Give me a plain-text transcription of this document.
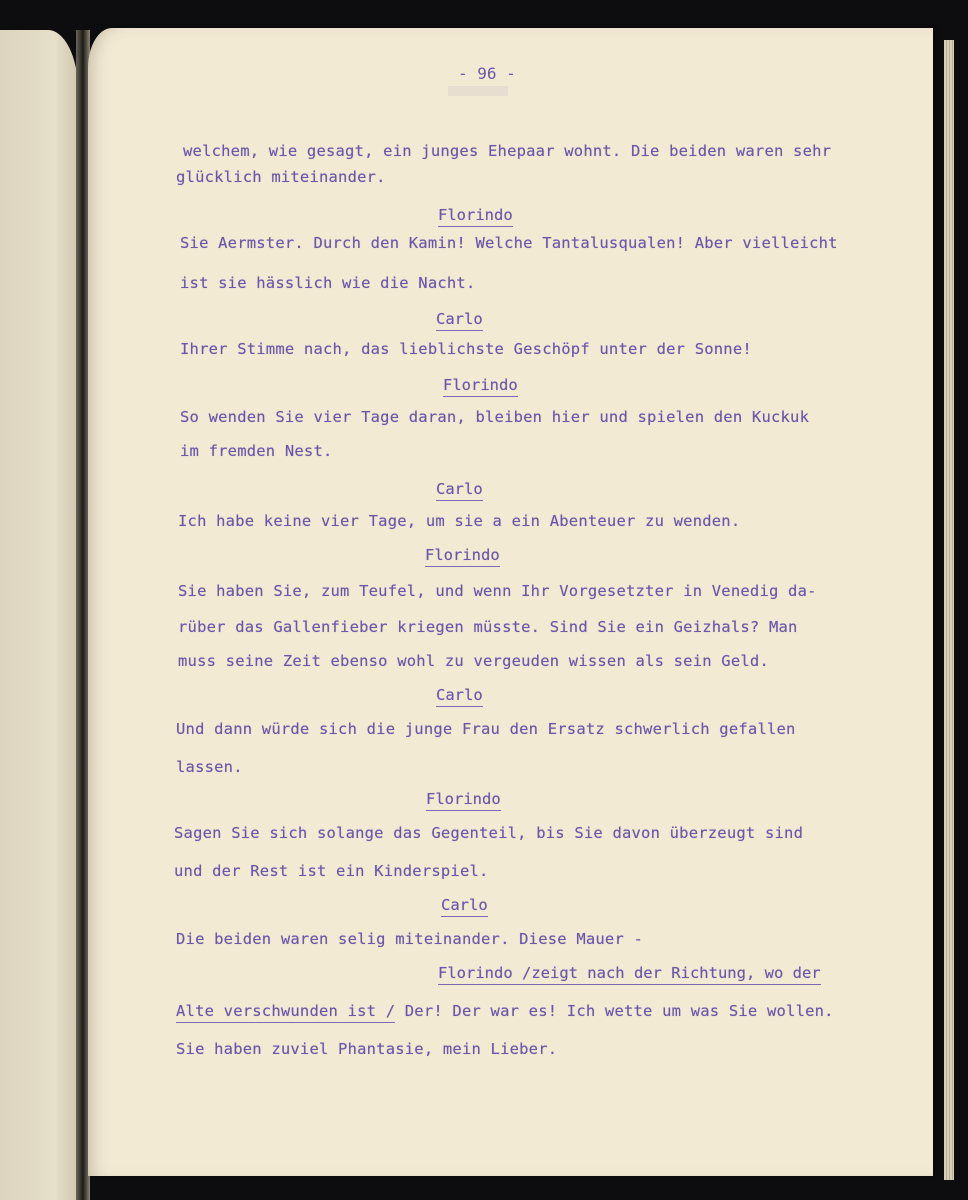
- 96 -
welchem, wie gesagt, ein junges Ehepaar wohnt. Die beiden waren sehr
glücklich miteinander.
Florindo
Sie Aermster. Durch den Kamin! Welche Tantalusqualen! Aber vielleicht
ist sie hässlich wie die Nacht.
Carlo
Ihrer Stimme nach, das lieblichste Geschöpf unter der Sonne!
Florindo
So wenden Sie vier Tage daran, bleiben hier und spielen den Kuckuk
im fremden Nest.
Carlo
Ich habe keine vier Tage, um sie a ein Abenteuer zu wenden.
Florindo
Sie haben Sie, zum Teufel, und wenn Ihr Vorgesetzter in Venedig da-
rüber das Gallenfieber kriegen müsste. Sind Sie ein Geizhals? Man
muss seine Zeit ebenso wohl zu vergeuden wissen als sein Geld.
Carlo
Und dann würde sich die junge Frau den Ersatz schwerlich gefallen
lassen.
Florindo
Sagen Sie sich solange das Gegenteil, bis Sie davon überzeugt sind
und der Rest ist ein Kinderspiel.
Carlo
Die beiden waren selig miteinander. Diese Mauer -
Florindo /zeigt nach der Richtung, wo der
Alte verschwunden ist / Der! Der war es! Ich wette um was Sie wollen.
Sie haben zuviel Phantasie, mein Lieber.
